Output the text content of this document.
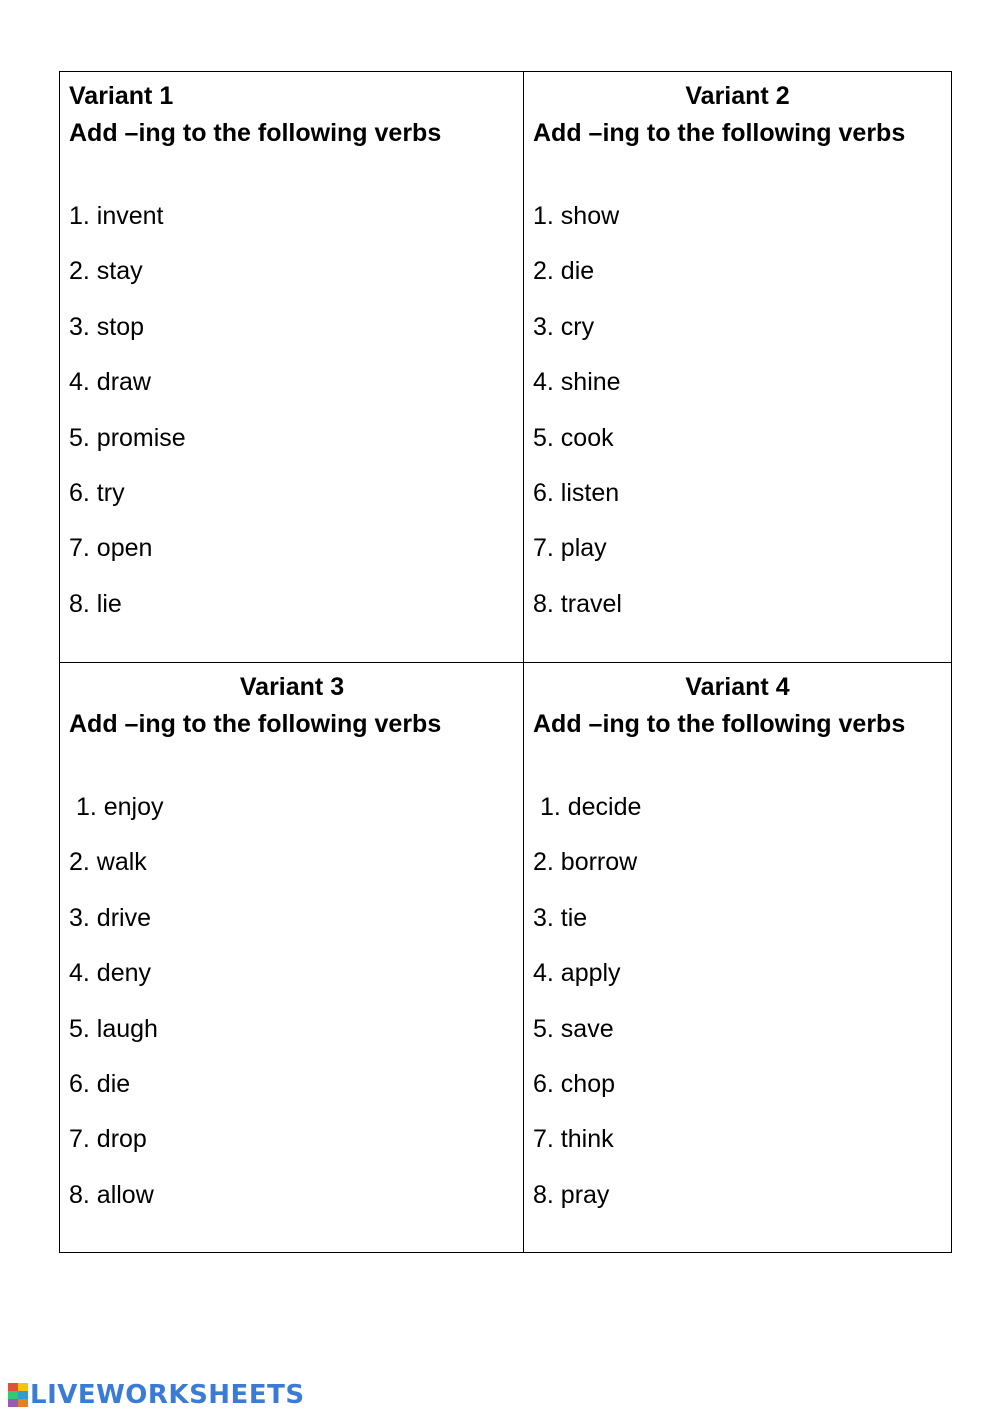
Variant 1
Add –ing to the following verbs
1. invent
2. stay
3. stop
4. draw
5. promise
6. try
7. open
8. lie
Variant 2
Add –ing to the following verbs
1. show
2. die
3. cry
4. shine
5. cook
6. listen
7. play
8. travel
Variant 3
Add –ing to the following verbs
1. enjoy
2. walk
3. drive
4. deny
5. laugh
6. die
7. drop
8. allow
Variant 4
Add –ing to the following verbs
1. decide
2. borrow
3. tie
4. apply
5. save
6. chop
7. think
8. pray
LIVEWORKSHEETS
